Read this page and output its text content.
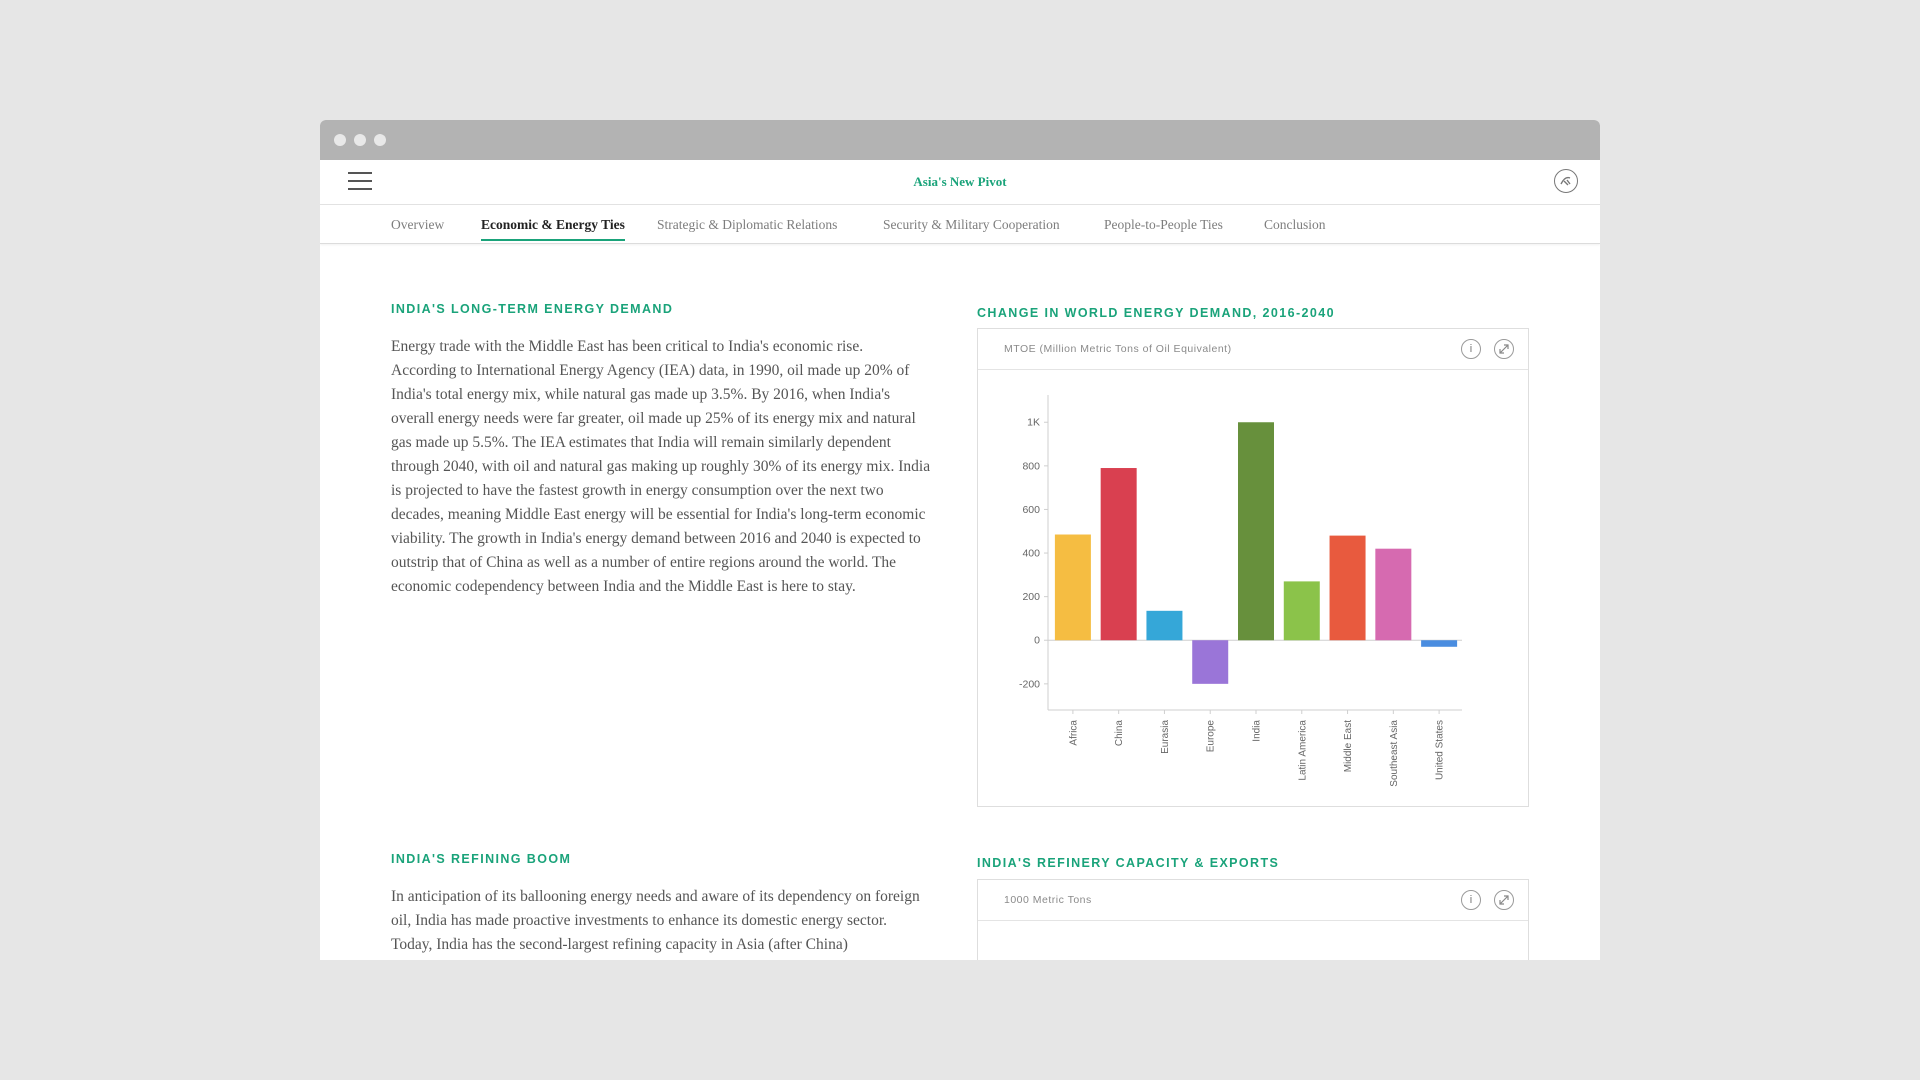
Asia's New Pivot
Overview	Economic & Energy Ties Strategic & Diplomatic Relations	Security & Military Cooperation	People-to-People Ties	Conclusion
INDIA'S LONG-TERM ENERGY DEMAND

Energy trade with the Middle East has been critical to India's economic rise. According to International Energy Agency (IEA) data, in 1990, oil made up 20% of India's total energy mix, while natural gas made up 3.5%. By 2016, when India's overall energy needs were far greater, oil made up 25% of its energy mix and natural gas made up 5.5%. The IEA estimates that India will remain similarly dependent through 2040, with oil and natural gas making up roughly 30% of its energy mix. India is projected to have the fastest growth in energy consumption over the next two decades, meaning Middle East energy will be essential for India's long-term economic viability. The growth in India's energy demand between 2016 and 2040 is expected to outstrip that of China as well as a number of entire regions around the world. The economic codependency between India and the Middle East is here to stay.

CHANGE IN WORLD ENERGY DEMAND, 2016-2040
MTOE (Million Metric Tons of Oil Equivalent)	i
1K
800
600
400
200
0
-200
Africa	China	Eurasia	Europe	India	Latin America	Middle East	Southeast Asia	United States
INDIA'S REFINING BOOM

In anticipation of its ballooning energy needs and aware of its dependency on foreign oil, India has made proactive investments to enhance its domestic energy sector. Today, India has the second-largest refining capacity in Asia (after China)

INDIA'S REFINERY CAPACITY & EXPORTS
1000 Metric Tons	i
